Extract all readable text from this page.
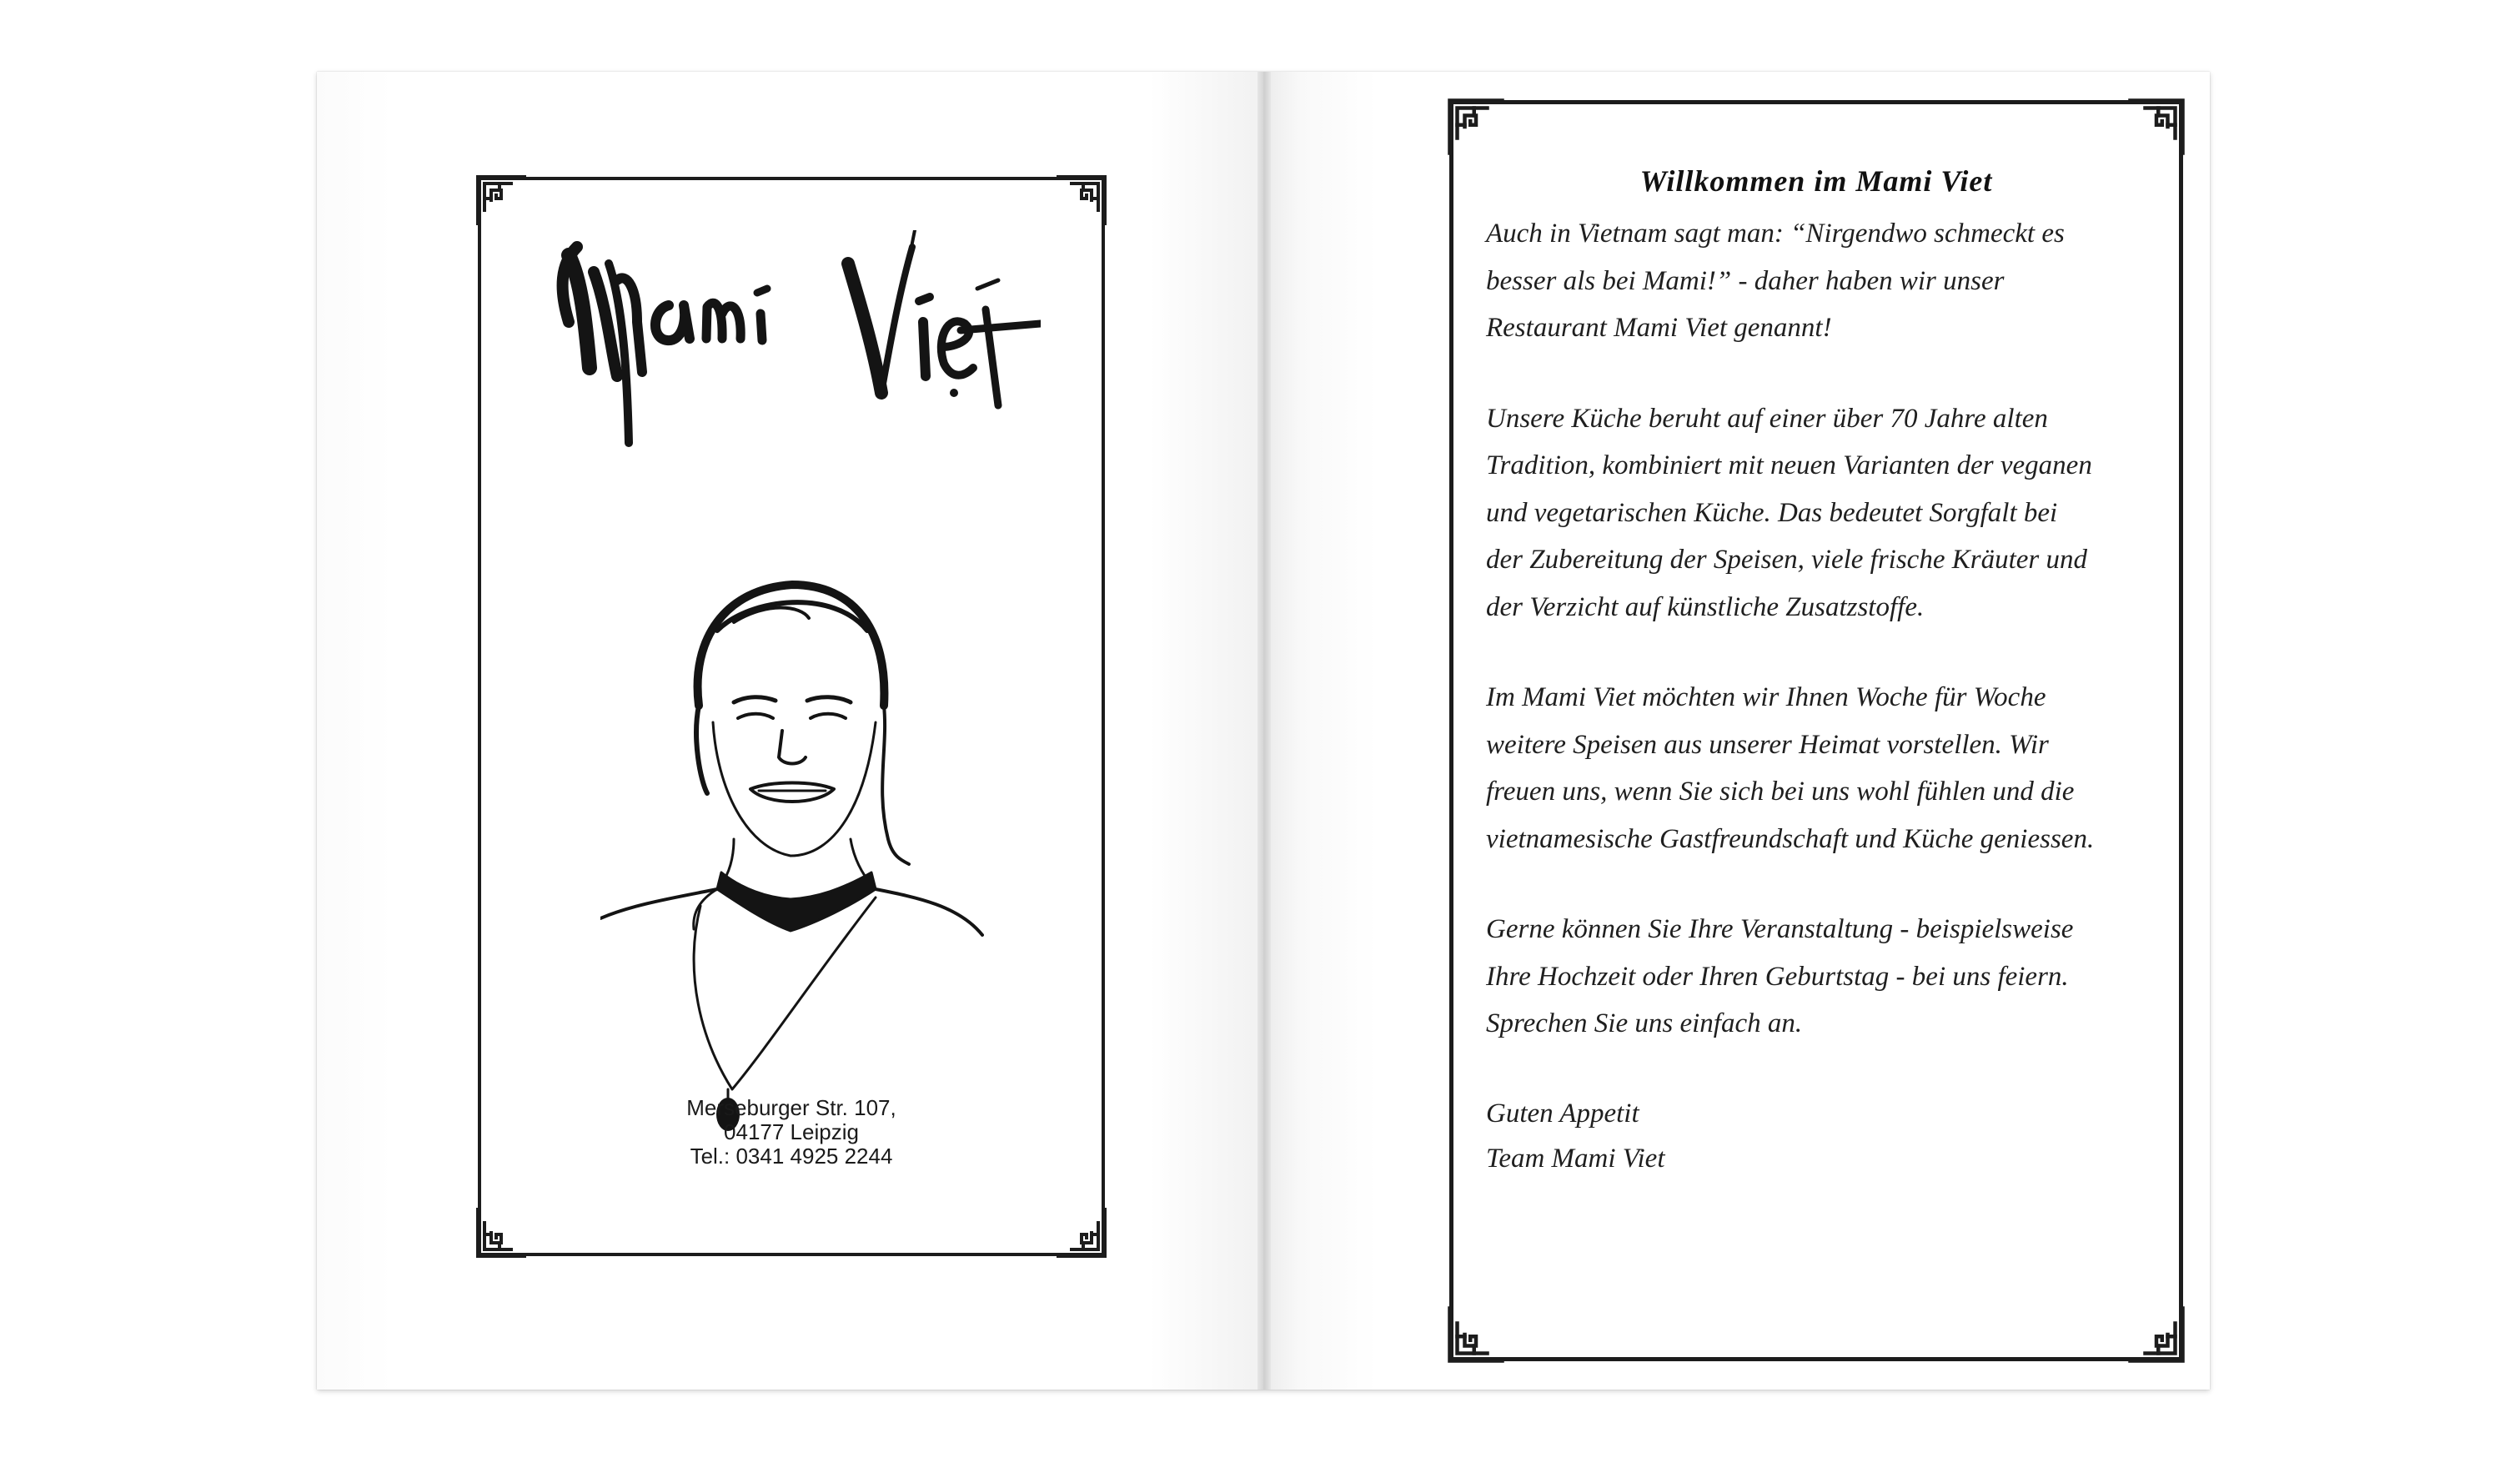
Merseburger Str. 107,
04177 Leipzig
Tel.: 0341 4925 2244
Willkommen im Mami Viet

Auch in Vietnam sagt man: “Nirgendwo schmeckt es
besser als bei Mami!” - daher haben wir unser
Restaurant Mami Viet genannt!

Unsere Küche beruht auf einer über 70 Jahre alten
Tradition, kombiniert mit neuen Varianten der veganen
und vegetarischen Küche. Das bedeutet Sorgfalt bei
der Zubereitung der Speisen, viele frische Kräuter und
der Verzicht auf künstliche Zusatzstoffe.

Im Mami Viet möchten wir Ihnen Woche für Woche
weitere Speisen aus unserer Heimat vorstellen. Wir
freuen uns, wenn Sie sich bei uns wohl fühlen und die
vietnamesische Gastfreundschaft und Küche geniessen.

Gerne können Sie Ihre Veranstaltung - beispielsweise
Ihre Hochzeit oder Ihren Geburtstag - bei uns feiern.
Sprechen Sie uns einfach an.

Guten Appetit
Team Mami Viet
